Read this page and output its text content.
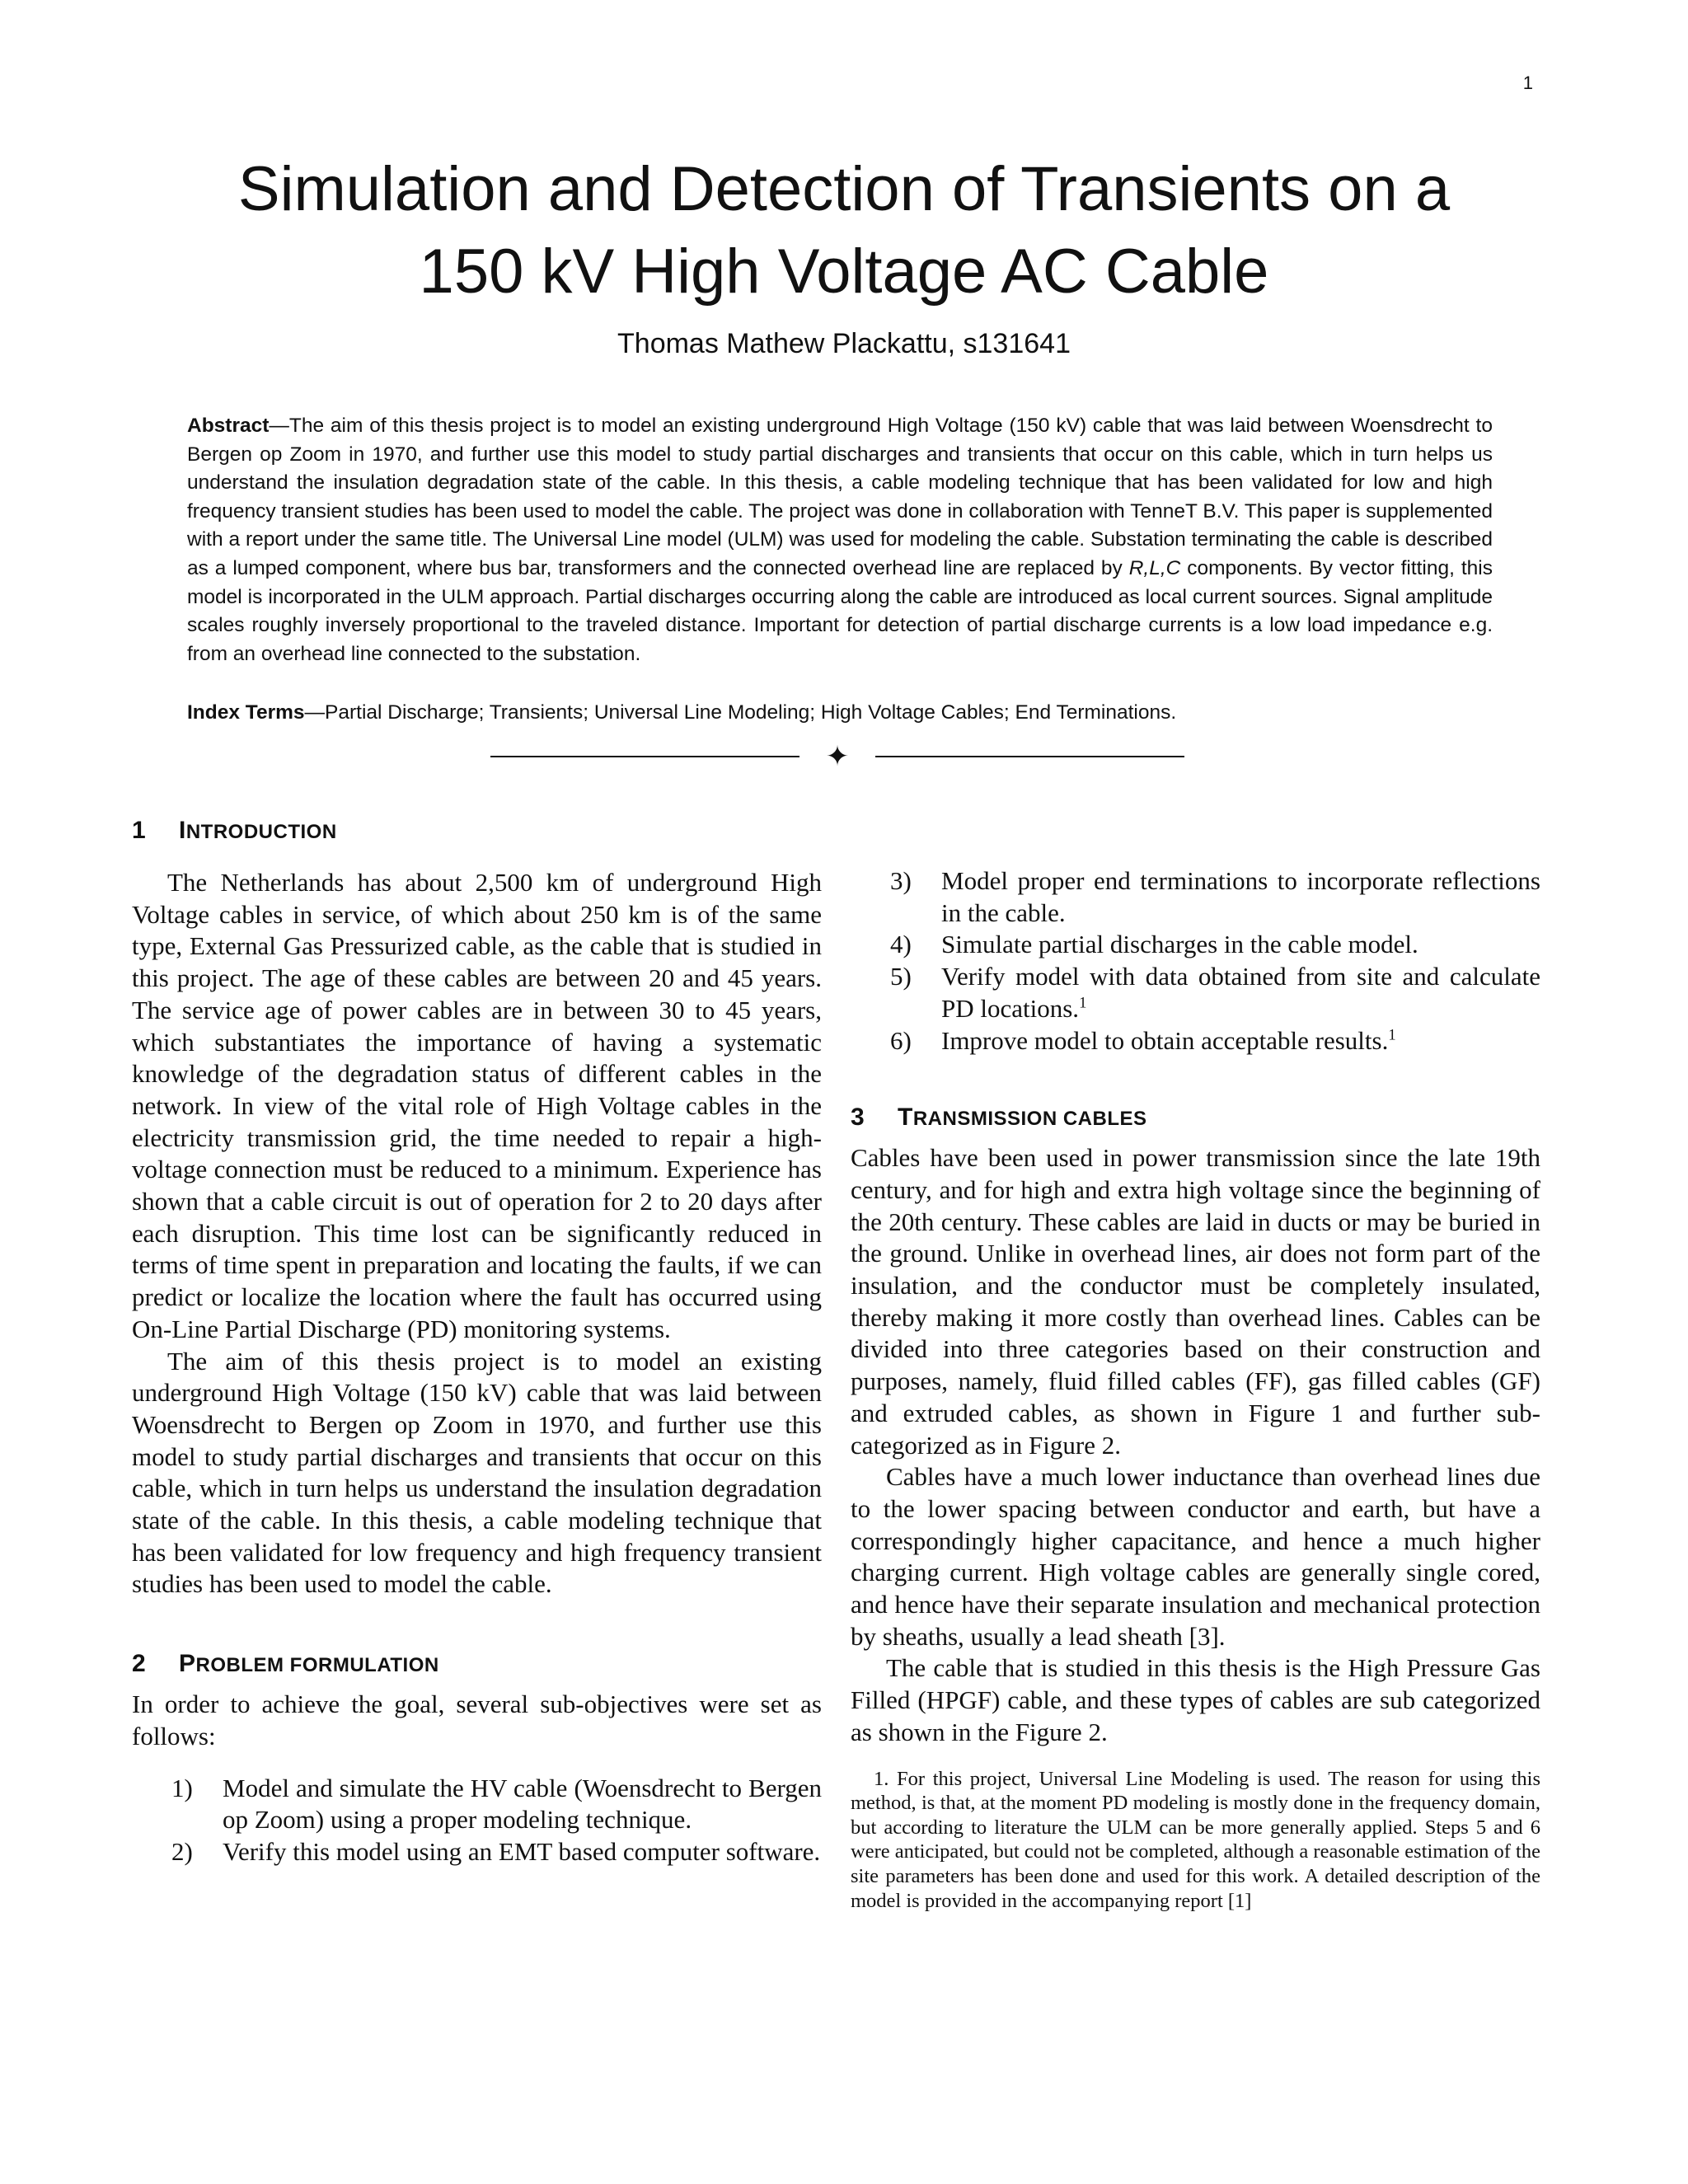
1
Simulation and Detection of Transients on a
150 kV High Voltage AC Cable
Thomas Mathew Plackattu, s131641

Abstract—The aim of this thesis project is to model an existing underground High Voltage (150 kV) cable that was laid between Woensdrecht to Bergen op Zoom in 1970, and further use this model to study partial discharges and transients that occur on this cable, which in turn helps us understand the insulation degradation state of the cable. In this thesis, a cable modeling technique that has been validated for low and high frequency transient studies has been used to model the cable. The project was done in collaboration with TenneT B.V. This paper is supplemented with a report under the same title. The Universal Line model (ULM) was used for modeling the cable. Substation terminating the cable is described as a lumped component, where bus bar, transformers and the connected overhead line are replaced by R,L,C components. By vector fitting, this model is incorporated in the ULM approach. Partial discharges occurring along the cable are introduced as local current sources. Signal amplitude scales roughly inversely proportional to the traveled distance. Important for detection of partial discharge currents is a low load impedance e.g. from an overhead line connected to the substation.

Index Terms—Partial Discharge; Transients; Universal Line Modeling; High Voltage Cables; End Terminations.

✦
1 INTRODUCTION

The Netherlands has about 2,500 km of underground High Voltage cables in service, of which about 250 km is of the same type, External Gas Pressurized cable, as the cable that is studied in this project. The age of these cables are between 20 and 45 years. The service age of power cables are in between 30 to 45 years, which substantiates the importance of having a systematic knowledge of the degradation status of different cables in the network. In view of the vital role of High Voltage cables in the electricity transmission grid, the time needed to repair a high-voltage connection must be reduced to a minimum. Experience has shown that a cable circuit is out of operation for 2 to 20 days after each disruption. This time lost can be significantly reduced in terms of time spent in preparation and locating the faults, if we can predict or localize the location where the fault has occurred using On-Line Partial Discharge (PD) monitoring systems.

The aim of this thesis project is to model an existing underground High Voltage (150 kV) cable that was laid between Woensdrecht to Bergen op Zoom in 1970, and further use this model to study partial discharges and transients that occur on this cable, which in turn helps us understand the insulation degradation state of the cable. In this thesis, a cable modeling technique that has been validated for low frequency and high frequency transient studies has been used to model the cable.

2 PROBLEM FORMULATION

In order to achieve the goal, several sub-objectives were set as follows:

1) Model and simulate the HV cable (Woensdrecht to Bergen op Zoom) using a proper modeling technique.
2) Verify this model using an EMT based computer software.
3) Model proper end terminations to incorporate reflections in the cable.
4) Simulate partial discharges in the cable model.
5) Verify model with data obtained from site and calculate PD locations.$^1$
6) Improve model to obtain acceptable results.$^1$
3 TRANSMISSION CABLES

Cables have been used in power transmission since the late 19th century, and for high and extra high voltage since the beginning of the 20th century. These cables are laid in ducts or may be buried in the ground. Unlike in overhead lines, air does not form part of the insulation, and the conductor must be completely insulated, thereby making it more costly than overhead lines. Cables can be divided into three categories based on their construction and purposes, namely, fluid filled cables (FF), gas filled cables (GF) and extruded cables, as shown in Figure 1 and further sub-categorized as in Figure 2.

Cables have a much lower inductance than overhead lines due to the lower spacing between conductor and earth, but have a correspondingly higher capacitance, and hence a much higher charging current. High voltage cables are generally single cored, and hence have their separate insulation and mechanical protection by sheaths, usually a lead sheath [3].

The cable that is studied in this thesis is the High Pressure Gas Filled (HPGF) cable, and these types of cables are sub categorized as shown in the Figure 2.

1. For this project, Universal Line Modeling is used. The reason for using this method, is that, at the moment PD modeling is mostly done in the frequency domain, but according to literature the ULM can be more generally applied. Steps 5 and 6 were anticipated, but could not be completed, although a reasonable estimation of the site parameters has been done and used for this work. A detailed description of the model is provided in the accompanying report [1]
